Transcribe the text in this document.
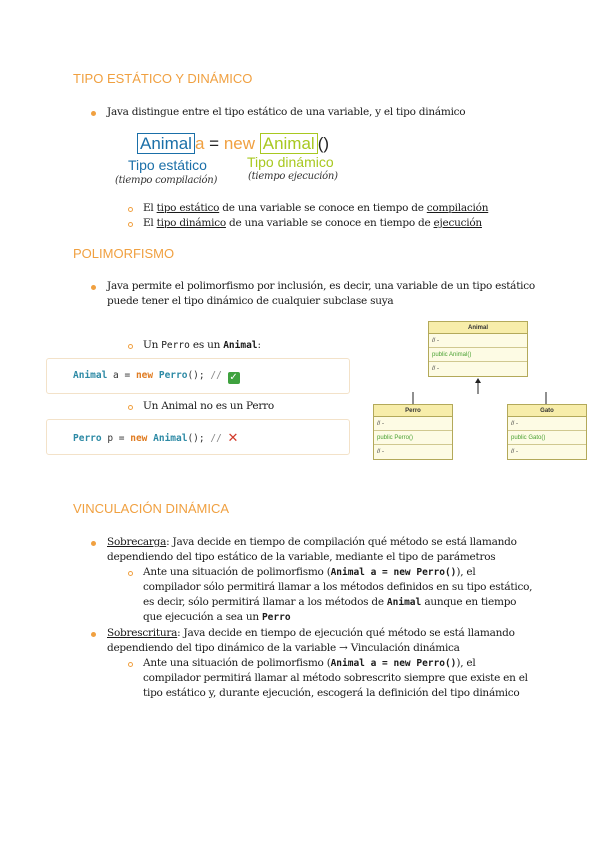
TIPO ESTÁTICO Y DINÁMICO
Java distingue entre el tipo estático de una variable, y el tipo dinámico
Animal a = new Animal ()
Tipo estático	Tipo dinámico
(tiempo compilación)	(tiempo ejecución)
El tipo estático de una variable se conoce en tiempo de compilación
El tipo dinámico de una variable se conoce en tiempo de ejecución
POLIMORFISMO
Java permite el polimorfismo por inclusión, es decir, una variable de un tipo estático
puede tener el tipo dinámico de cualquier subclase suya
Un Perro es un Animal:
Animal a = new Perro(); // ✓
Un Animal no es un Perro
Perro p = new Animal(); // ✕
Animal
// -
public Animal()
// -
Perro
// -
public Perro()
// -
Gato
// -
public Gato()
// -
VINCULACIÓN DINÁMICA
Sobrecarga: Java decide en tiempo de compilación qué método se está llamando
dependiendo del tipo estático de la variable, mediante el tipo de parámetros
Ante una situación de polimorfismo (Animal a = new Perro()), el
compilador sólo permitirá llamar a los métodos definidos en su tipo estático,
es decir, sólo permitirá llamar a los métodos de Animal aunque en tiempo
que ejecución a sea un Perro
Sobrescritura: Java decide en tiempo de ejecución qué método se está llamando
dependiendo del tipo dinámico de la variable → Vinculación dinámica
Ante una situación de polimorfismo (Animal a = new Perro()), el
compilador permitirá llamar al método sobrescrito siempre que existe en el
tipo estático y, durante ejecución, escogerá la definición del tipo dinámico
